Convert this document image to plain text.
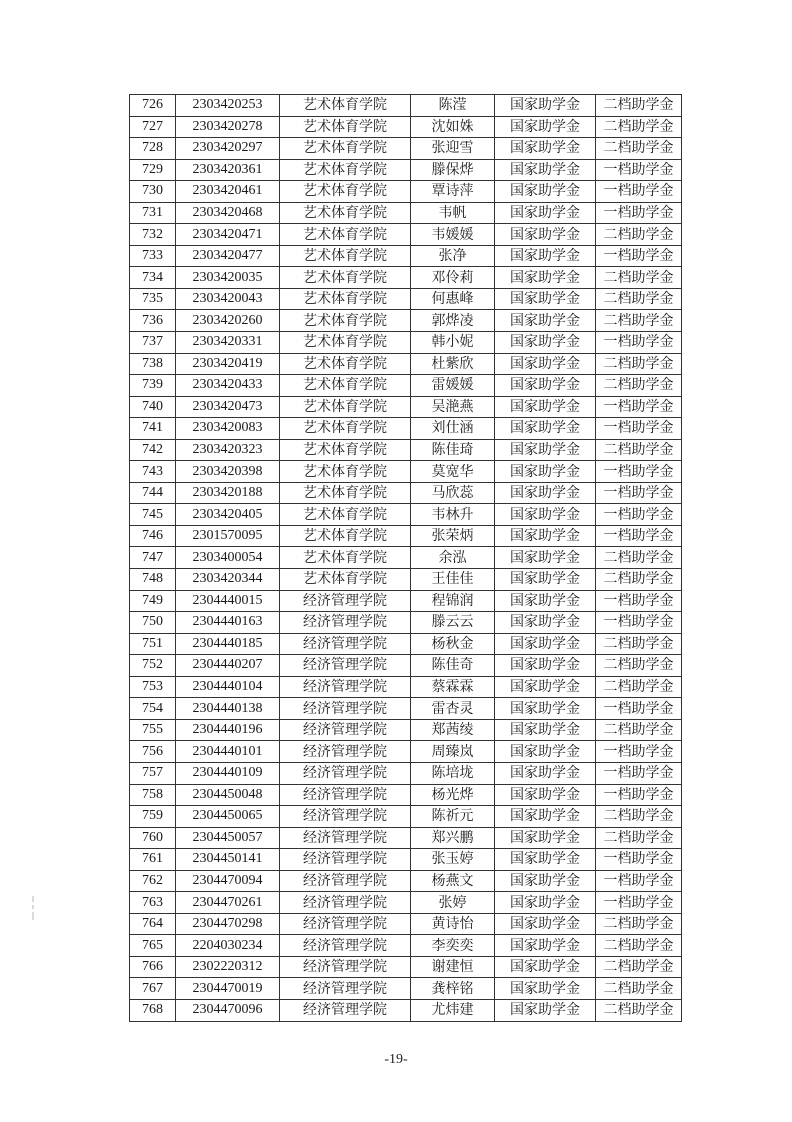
726	2303420253	艺术体育学院	陈滢	国家助学金	二档助学金
727	2303420278	艺术体育学院	沈如姝	国家助学金	二档助学金
728	2303420297	艺术体育学院	张迎雪	国家助学金	二档助学金
729	2303420361	艺术体育学院	滕保烨	国家助学金	一档助学金
730	2303420461	艺术体育学院	覃诗萍	国家助学金	一档助学金
731	2303420468	艺术体育学院	韦帆	国家助学金	一档助学金
732	2303420471	艺术体育学院	韦媛媛	国家助学金	二档助学金
733	2303420477	艺术体育学院	张净	国家助学金	一档助学金
734	2303420035	艺术体育学院	邓伶莉	国家助学金	二档助学金
735	2303420043	艺术体育学院	何惠峰	国家助学金	二档助学金
736	2303420260	艺术体育学院	郭烨凌	国家助学金	二档助学金
737	2303420331	艺术体育学院	韩小妮	国家助学金	一档助学金
738	2303420419	艺术体育学院	杜紫欣	国家助学金	二档助学金
739	2303420433	艺术体育学院	雷媛媛	国家助学金	二档助学金
740	2303420473	艺术体育学院	吴滟燕	国家助学金	一档助学金
741	2303420083	艺术体育学院	刘仕涵	国家助学金	一档助学金
742	2303420323	艺术体育学院	陈佳琦	国家助学金	二档助学金
743	2303420398	艺术体育学院	莫宽华	国家助学金	一档助学金
744	2303420188	艺术体育学院	马欣蕊	国家助学金	一档助学金
745	2303420405	艺术体育学院	韦林升	国家助学金	一档助学金
746	2301570095	艺术体育学院	张荣炳	国家助学金	一档助学金
747	2303400054	艺术体育学院	余泓	国家助学金	二档助学金
748	2303420344	艺术体育学院	王佳佳	国家助学金	二档助学金
749	2304440015	经济管理学院	程锦润	国家助学金	一档助学金
750	2304440163	经济管理学院	滕云云	国家助学金	一档助学金
751	2304440185	经济管理学院	杨秋金	国家助学金	二档助学金
752	2304440207	经济管理学院	陈佳奇	国家助学金	二档助学金
753	2304440104	经济管理学院	蔡霖霖	国家助学金	二档助学金
754	2304440138	经济管理学院	雷杏灵	国家助学金	一档助学金
755	2304440196	经济管理学院	郑茜绫	国家助学金	二档助学金
756	2304440101	经济管理学院	周臻岚	国家助学金	一档助学金
757	2304440109	经济管理学院	陈培垅	国家助学金	一档助学金
758	2304450048	经济管理学院	杨光烨	国家助学金	一档助学金
759	2304450065	经济管理学院	陈祈元	国家助学金	二档助学金
760	2304450057	经济管理学院	郑兴鹏	国家助学金	二档助学金
761	2304450141	经济管理学院	张玉婷	国家助学金	一档助学金
762	2304470094	经济管理学院	杨燕文	国家助学金	一档助学金
763	2304470261	经济管理学院	张婷	国家助学金	一档助学金
764	2304470298	经济管理学院	黄诗怡	国家助学金	二档助学金
765	2204030234	经济管理学院	李奕奕	国家助学金	二档助学金
766	2302220312	经济管理学院	谢建恒	国家助学金	二档助学金
767	2304470019	经济管理学院	龚梓铭	国家助学金	二档助学金
768	2304470096	经济管理学院	尤炜建	国家助学金	二档助学金
-19-
